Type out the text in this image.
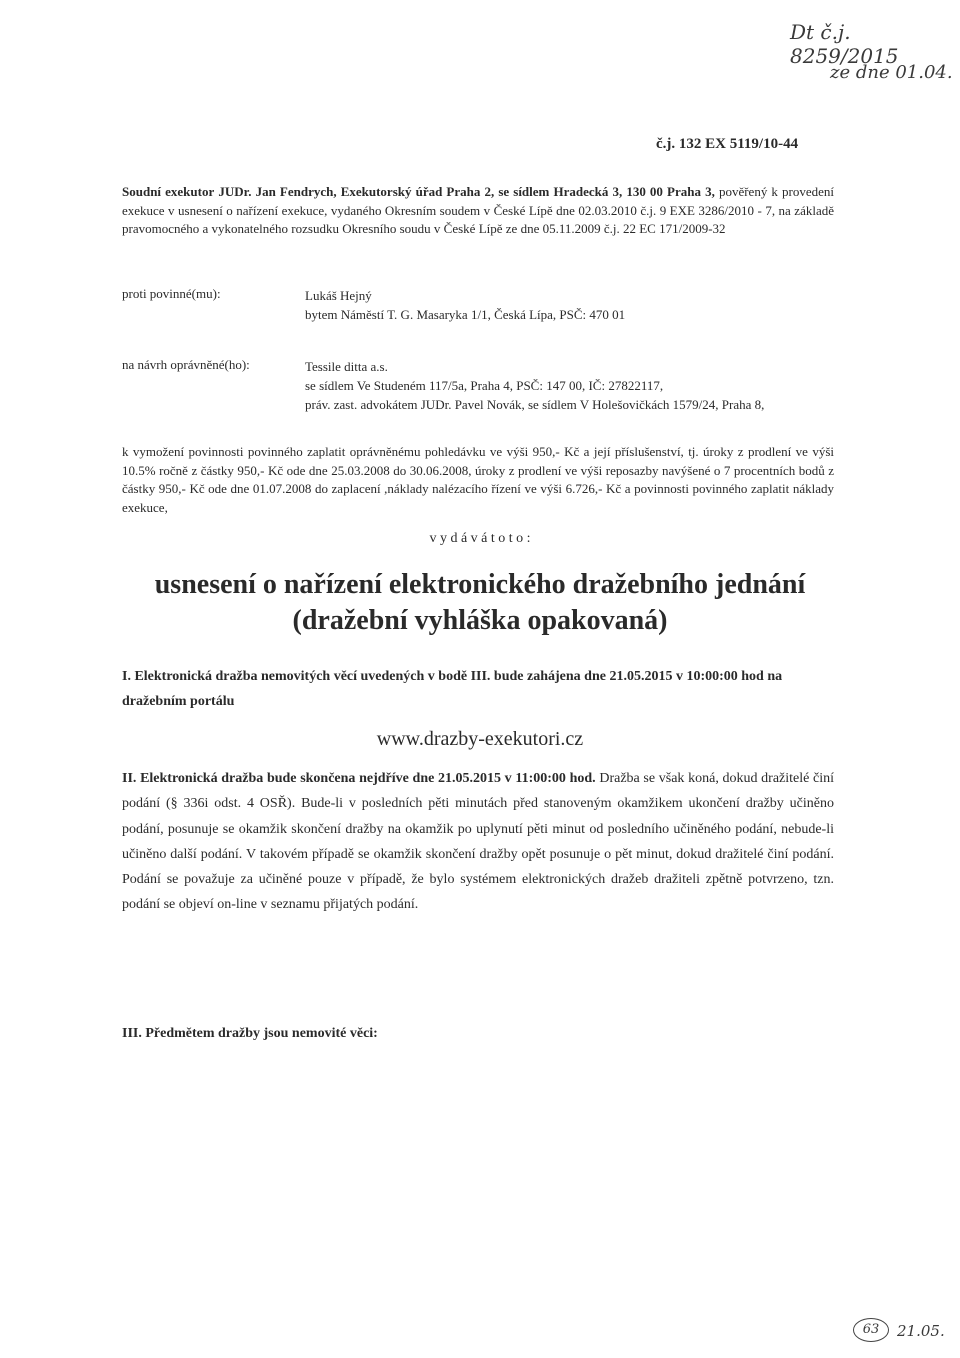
Dt č.j. 8259/2015
ze dne 01.04.
č.j. 132 EX 5119/10-44
Soudní exekutor JUDr. Jan Fendrych, Exekutorský úřad Praha 2, se sídlem Hradecká 3, 130 00 Praha 3, pověřený k provedení exekuce v usnesení o nařízení exekuce, vydaného Okresním soudem v České Lípě dne 02.03.2010 č.j. 9 EXE 3286/2010 - 7, na základě pravomocného a vykonatelného rozsudku Okresního soudu v České Lípě ze dne 05.11.2009 č.j. 22 EC 171/2009-32
proti povinné(mu):	Lukáš Hejný
bytem Náměstí T. G. Masaryka 1/1, Česká Lípa, PSČ: 470 01
na návrh oprávněné(ho):	Tessile ditta a.s.
se sídlem Ve Studeném 117/5a, Praha 4, PSČ: 147 00, IČ: 27822117,
práv. zast. advokátem JUDr. Pavel Novák, se sídlem V Holešovičkách 1579/24, Praha 8,
k vymožení povinnosti povinného zaplatit oprávněnému pohledávku ve výši 950,- Kč a její příslušenství, tj. úroky z prodlení ve výši 10.5% ročně z částky 950,- Kč ode dne 25.03.2008 do 30.06.2008, úroky z prodlení ve výši reposazby navýšené o 7 procentních bodů z částky 950,- Kč ode dne 01.07.2008 do zaplacení ,náklady nalézacího řízení ve výši 6.726,- Kč a povinnosti povinného zaplatit náklady exekuce,
v y d á v á t o t o :
usnesení o nařízení elektronického dražebního jednání
(dražební vyhláška opakovaná)
I. Elektronická dražba nemovitých věcí uvedených v bodě III. bude zahájena dne 21.05.2015 v 10:00:00 hod na dražebním portálu
www.drazby-exekutori.cz
II. Elektronická dražba bude skončena nejdříve dne 21.05.2015 v 11:00:00 hod. Dražba se však koná, dokud dražitelé činí podání (§ 336i odst. 4 OSŘ). Bude-li v posledních pěti minutách před stanoveným okamžikem ukončení dražby učiněno podání, posunuje se okamžik skončení dražby na okamžik po uplynutí pěti minut od posledního učiněného podání, nebude-li učiněno další podání. V takovém případě se okamžik skončení dražby opět posunuje o pět minut, dokud dražitelé činí podání. Podání se považuje za učiněné pouze v případě, že bylo systémem elektronických dražeb dražiteli zpětně potvrzeno, tzn. podání se objeví on-line v seznamu přijatých podání.
III. Předmětem dražby jsou nemovité věci:
63	21.05.
